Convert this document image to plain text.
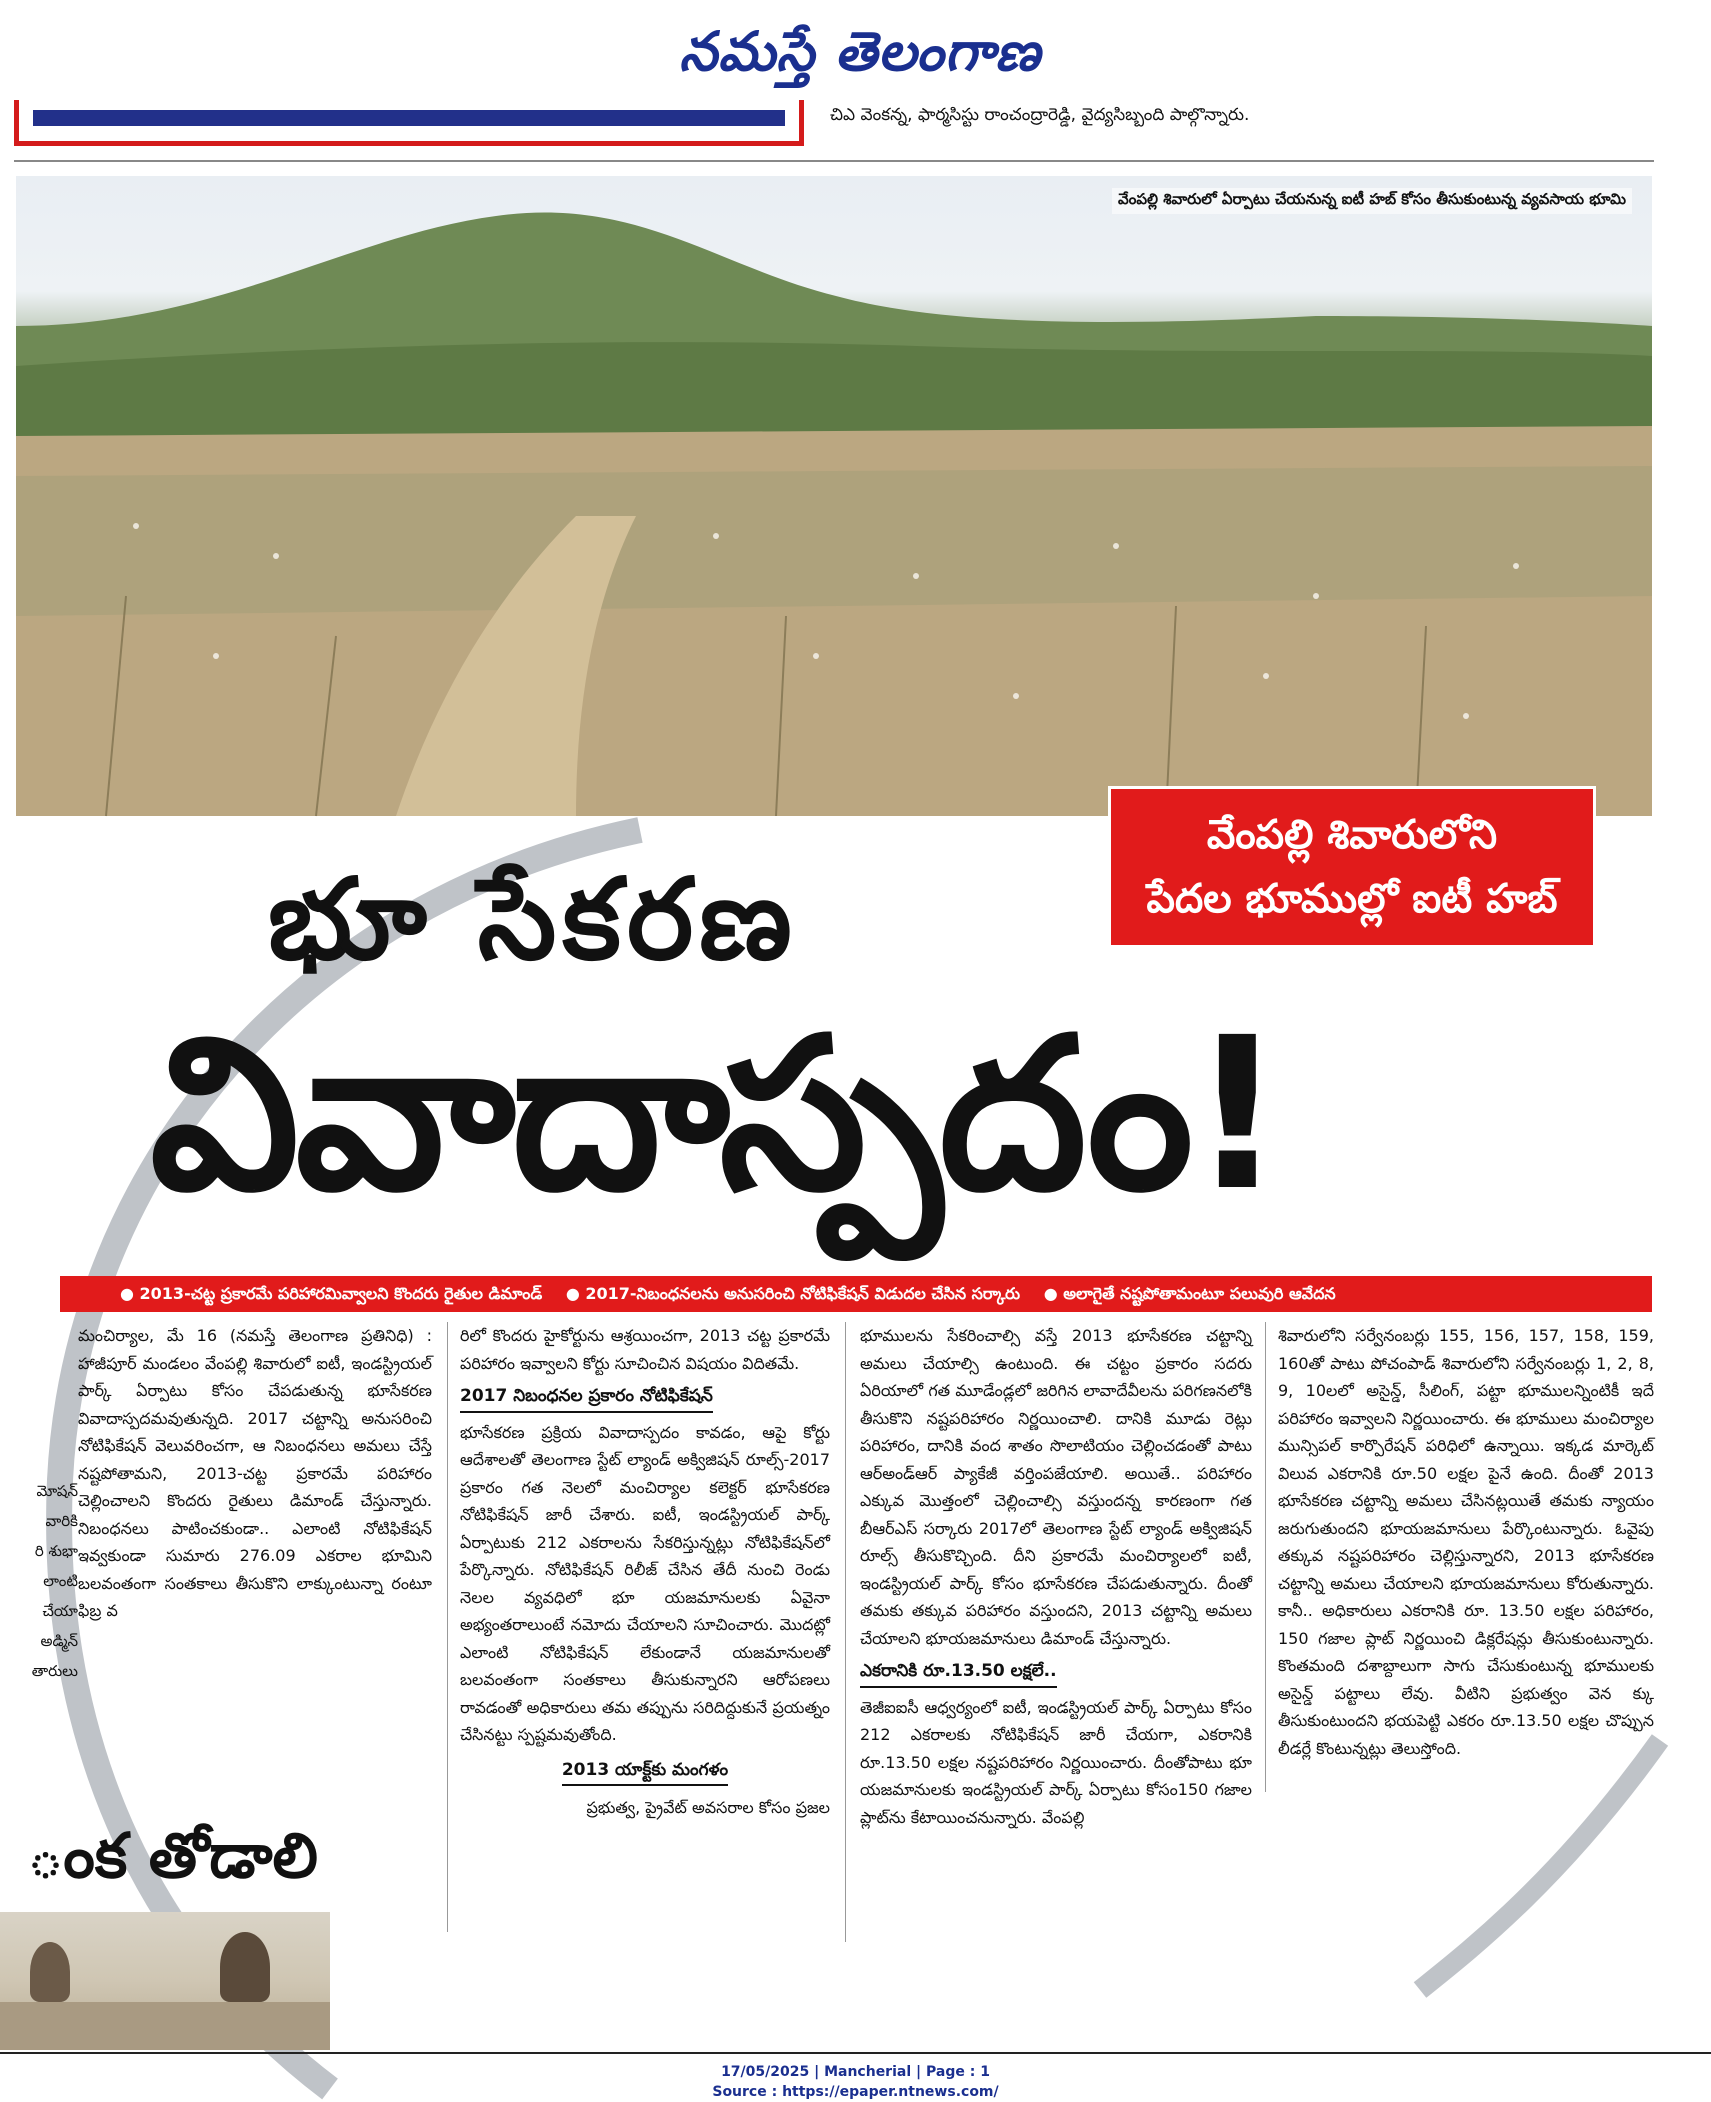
నమస్తే తెలంగాణ
చిఎ వెంకన్న, ఫార్మసిస్టు రాంచంద్రారెడ్డి, వైద్యసిబ్బంది పాల్గొన్నారు.
వేంపల్లి శివారులో ఏర్పాటు చేయనున్న ఐటీ హబ్ కోసం తీసుకుంటున్న వ్యవసాయ భూమి
వేంపల్లి శివారులోని
పేదల భూముల్లో ఐటీ హబ్
భూ సేకరణ
వివాదాస్పదం!
● 2013-చట్ట ప్రకారమే పరిహారమివ్వాలని కొందరు రైతుల డిమాండ్	● 2017-నిబంధనలను అనుసరించి నోటిఫికేషన్ విడుదల చేసిన సర్కారు	● అలాగైతే నష్టపోతామంటూ పలువురి ఆవేదన

మంచిర్యాల, మే 16 (నమస్తే తెలంగాణ ప్రతినిధి) : హాజీపూర్ మండలం వేంపల్లి శివారులో ఐటీ, ఇండస్ట్రియల్ పార్క్ ఏర్పాటు కోసం చేపడుతున్న భూసేకరణ వివాదాస్పదమవుతున్నది. 2017 చట్టాన్ని అనుసరించి నోటిఫికేషన్ వెలువరించగా, ఆ నిబంధనలు అమలు చేస్తే నష్టపోతామని, 2013-చట్ట ప్రకారమే పరిహారం చెల్లించాలని కొందరు రైతులు డిమాండ్ చేస్తున్నారు. నిబంధనలు పాటించకుండా.. ఎలాంటి నోటిఫికేషన్ ఇవ్వకుండా సుమారు 276.09 ఎకరాల భూమిని బలవంతంగా సంతకాలు తీసుకొని లాక్కుంటున్నా రంటూ ఫిబ్ర వ

రిలో కొందరు హైకోర్టును ఆశ్రయించగా, 2013 చట్ట ప్రకారమే పరిహారం ఇవ్వాలని కోర్టు సూచించిన విషయం విదితమే.

2017 నిబంధనల ప్రకారం నోటిఫికేషన్

భూసేకరణ ప్రక్రియ వివాదాస్పదం కావడం, ఆపై కోర్టు ఆదేశాలతో తెలంగాణ స్టేట్ ల్యాండ్ అక్విజిషన్ రూల్స్-2017 ప్రకారం గత నెలలో మంచిర్యాల కలెక్టర్ భూసేకరణ నోటిఫికేషన్ జారీ చేశారు. ఐటీ, ఇండస్ట్రియల్ పార్క్ ఏర్పాటుకు 212 ఎకరాలను సేకరిస్తున్నట్లు నోటిఫికేషన్‌లో పేర్కొన్నారు. నోటిఫికేషన్ రిలీజ్ చేసిన తేదీ నుంచి రెండు నెలల వ్యవధిలో భూ యజమానులకు ఏవైనా అభ్యంతరాలుంటే నమోదు చేయాలని సూచించారు. మొదట్లో ఎలాంటి నోటిఫికేషన్ లేకుండానే యజమానులతో బలవంతంగా సంతకాలు తీసుకున్నారని ఆరోపణలు రావడంతో అధికారులు తమ తప్పును సరిదిద్దుకునే ప్రయత్నం చేసినట్టు స్పష్టమవుతోంది.

2013 యాక్ట్‌కు మంగళం

ప్రభుత్వ, ప్రైవేట్ అవసరాల కోసం ప్రజల

భూములను సేకరించాల్సి వస్తే 2013 భూసేకరణ చట్టాన్ని అమలు చేయాల్సి ఉంటుంది. ఈ చట్టం ప్రకారం సదరు ఏరియాలో గత మూడేండ్లలో జరిగిన లావాదేవీలను పరిగణనలోకి తీసుకొని నష్టపరిహారం నిర్ణయించాలి. దానికి మూడు రెట్లు పరిహారం, దానికి వంద శాతం సొలాటియం చెల్లించడంతో పాటు ఆర్అండ్ఆర్ ప్యాకేజీ వర్తింపజేయాలి. అయితే.. పరిహారం ఎక్కువ మొత్తంలో చెల్లించాల్సి వస్తుందన్న కారణంగా గత బీఆర్ఎస్ సర్కారు 2017లో తెలంగాణ స్టేట్ ల్యాండ్ అక్విజిషన్ రూల్స్ తీసుకొచ్చింది. దీని ప్రకారమే మంచిర్యాలలో ఐటీ, ఇండస్ట్రియల్ పార్క్ కోసం భూసేకరణ చేపడుతున్నారు. దీంతో తమకు తక్కువ పరిహారం వస్తుందని, 2013 చట్టాన్ని అమలు చేయాలని భూయజమానులు డిమాండ్ చేస్తున్నారు.

ఎకరానికి రూ.13.50 లక్షలే..

తెజీఐఐసీ ఆధ్వర్యంలో ఐటీ, ఇండస్ట్రియల్ పార్క్ ఏర్పాటు కోసం 212 ఎకరాలకు నోటిఫికేషన్ జారీ చేయగా, ఎకరానికి రూ.13.50 లక్షల నష్టపరిహారం నిర్ణయించారు. దీంతోపాటు భూ యజమానులకు ఇండస్ట్రియల్ పార్క్ ఏర్పాటు కోసం150 గజాల ప్లాట్‌ను కేటాయించనున్నారు. వేంపల్లి

శివారులోని సర్వేనంబర్లు 155, 156, 157, 158, 159, 160తో పాటు పోచంపాడ్ శివారులోని సర్వేనంబర్లు 1, 2, 8, 9, 10లలో అసైన్డ్, సీలింగ్, పట్టా భూములన్నింటికీ ఇదే పరిహారం ఇవ్వాలని నిర్ణయించారు. ఈ భూములు మంచిర్యాల మున్సిపల్ కార్పొరేషన్ పరిధిలో ఉన్నాయి. ఇక్కడ మార్కెట్ విలువ ఎకరానికి రూ.50 లక్షల పైనే ఉంది. దీంతో 2013 భూసేకరణ చట్టాన్ని అమలు చేసినట్లయితే తమకు న్యాయం జరుగుతుందని భూయజమానులు పేర్కొంటున్నారు. ఓవైపు తక్కువ నష్టపరిహారం చెల్లిస్తున్నారని, 2013 భూసేకరణ చట్టాన్ని అమలు చేయాలని భూయజమానులు కోరుతున్నారు. కానీ.. అధికారులు ఎకరానికి రూ. 13.50 లక్షల పరిహారం, 150 గజాల ప్లాట్ నిర్ణయించి డిక్లరేషన్లు తీసుకుంటున్నారు. కొంతమంది దశాబ్దాలుగా సాగు చేసుకుంటున్న భూములకు అసైన్డ్ పట్టాలు లేవు. వీటిని ప్రభుత్వం వెన క్కు తీసుకుంటుందని భయపెట్టి ఎకరం రూ.13.50 లక్షల చొప్పున లీడర్లే కొంటున్నట్లు తెలుస్తోంది.

మోషన్
వారికి
రి శుభా
లాంటి
చేయా
అడ్మిన్
తారులు
ంక తోడాలి
17/05/2025 | Mancherial | Page : 1
Source : https://epaper.ntnews.com/
